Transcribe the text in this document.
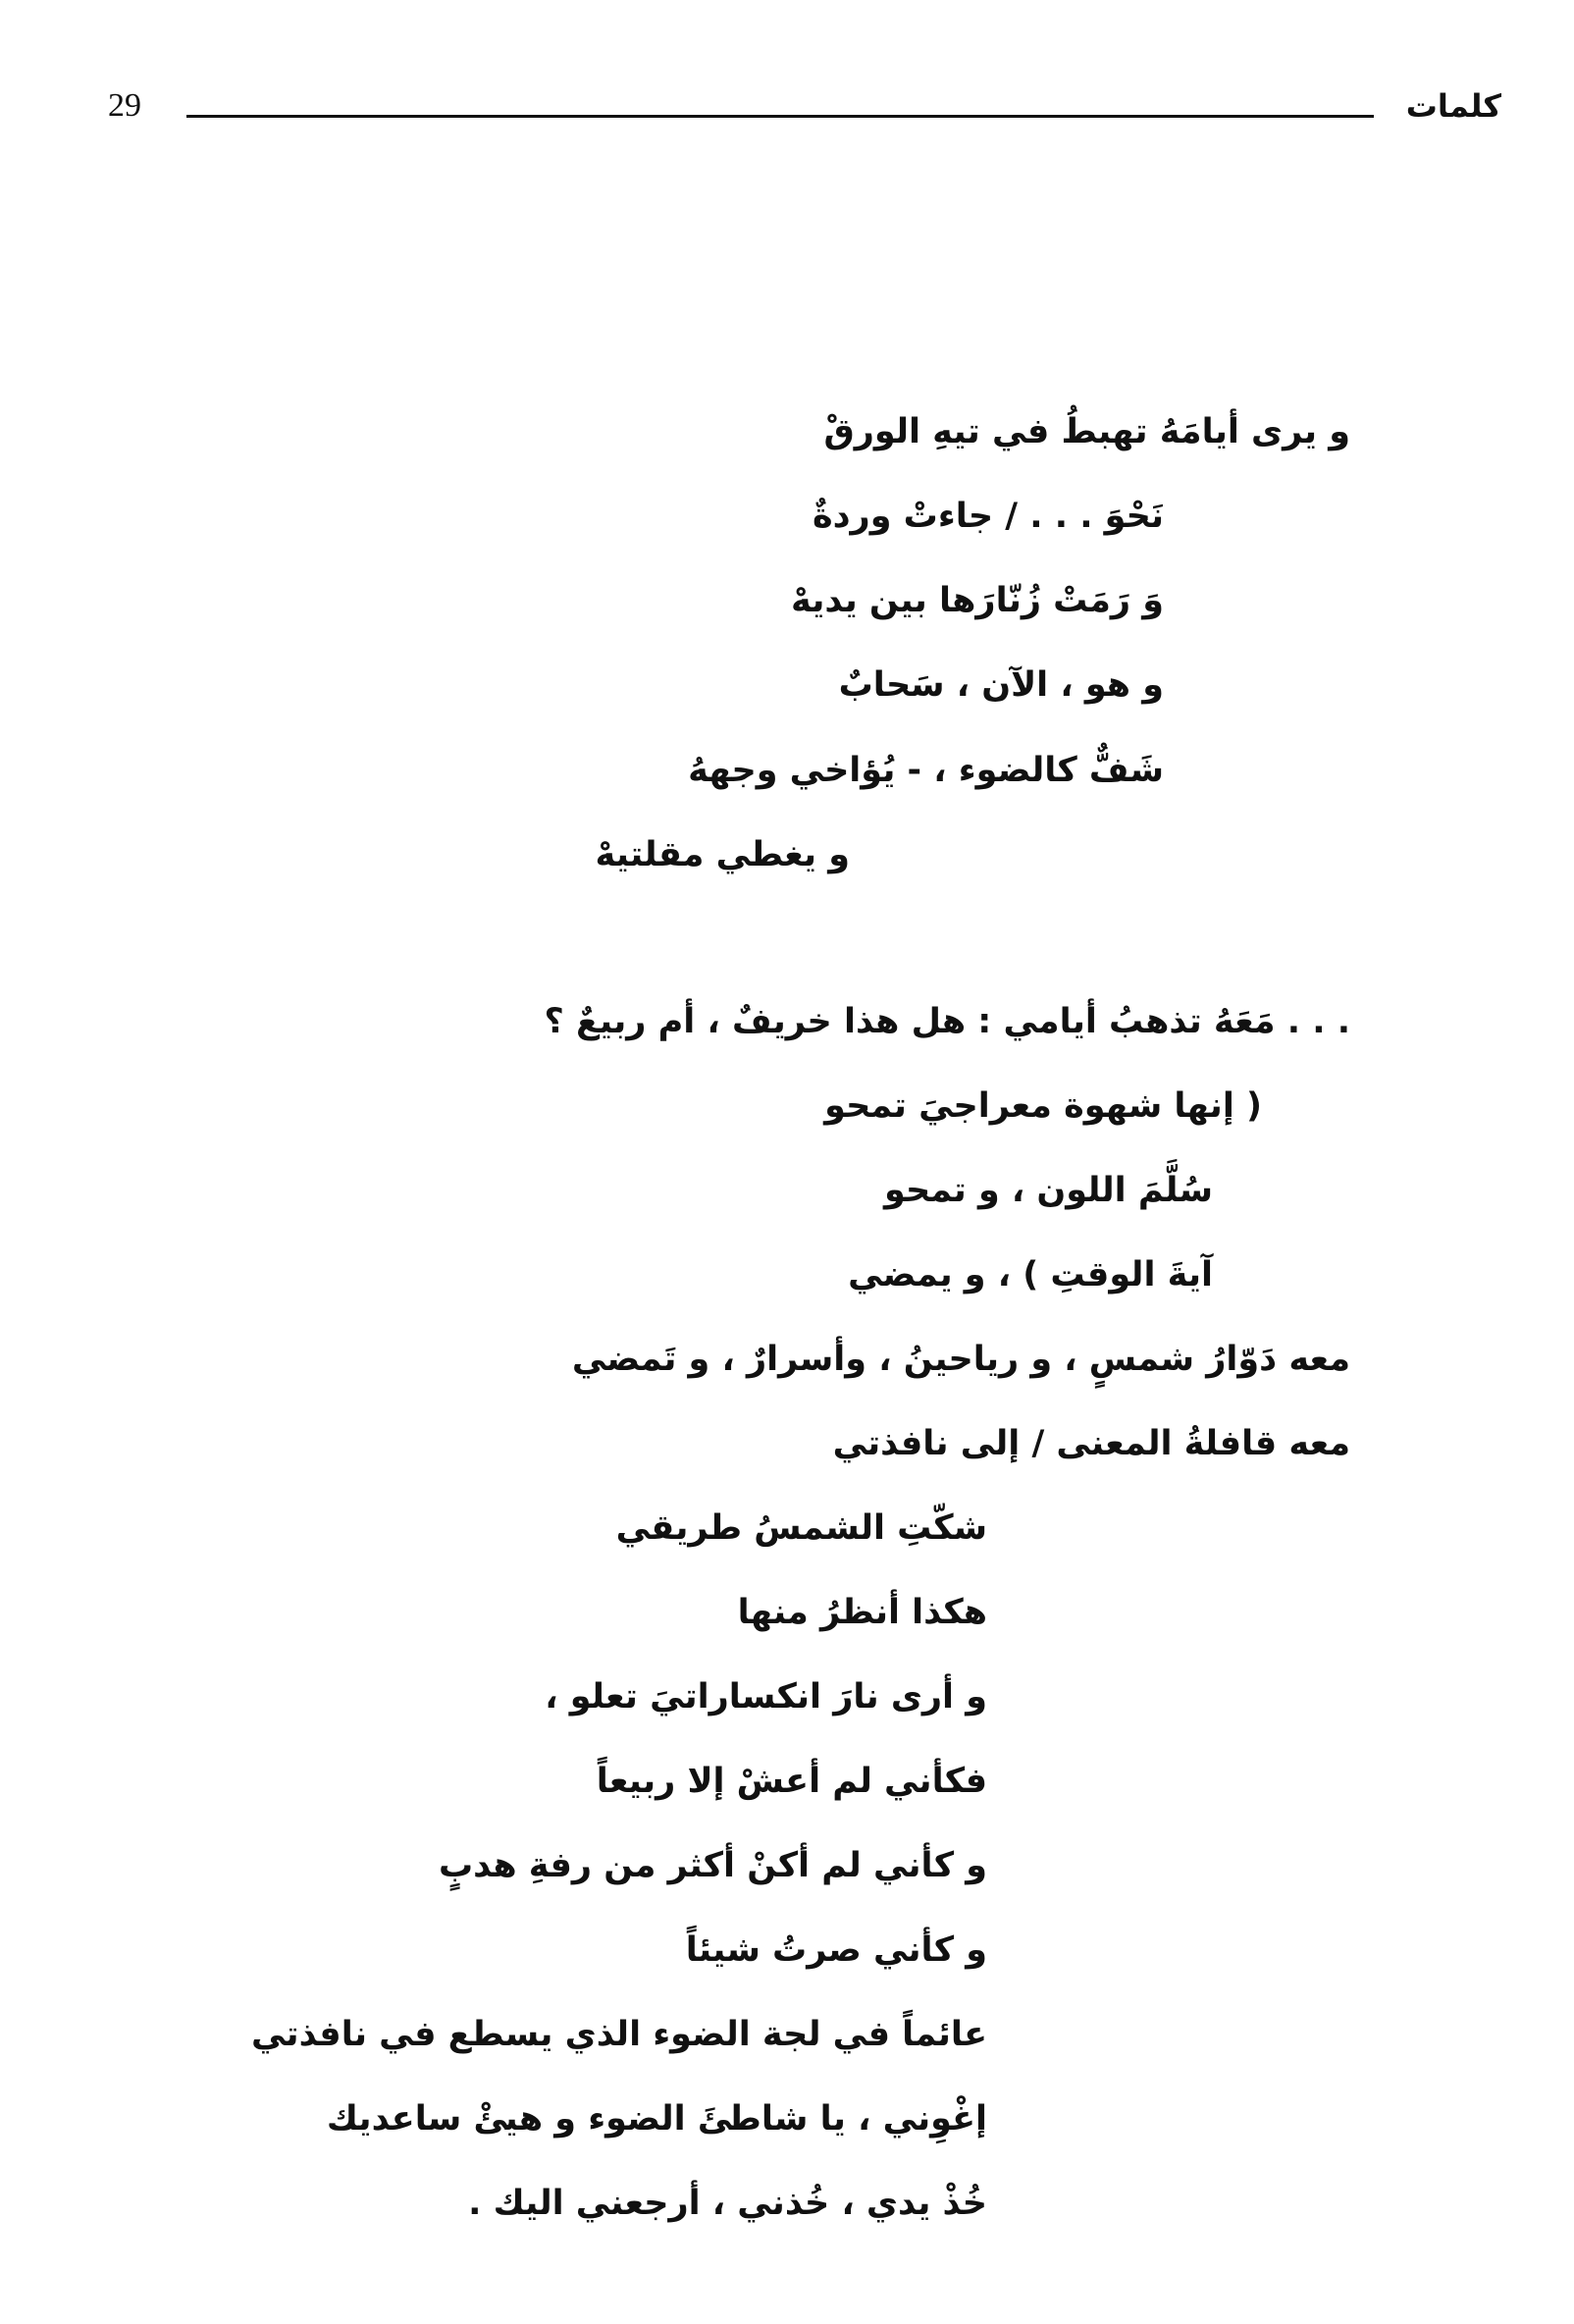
29	كلمات

و يرى أيامَهُ تهبطُ في تيهِ الورقْ

نَحْوَ . . . / جاءتْ وردةٌ

وَ رَمَتْ زُنّارَها بين يديهْ

و هو ، الآن ، سَحابٌ

شَفٌّ كالضوء ، - يُؤاخي وجههُ

و يغطي مقلتيهْ

. . . مَعَهُ تذهبُ أيامي : هل هذا خريفٌ ، أم ربيعٌ ؟

( إنها شهوة معراجيَ تمحو

سُلَّمَ اللون ، و تمحو

آيةَ الوقتِ ) ، و يمضي

معه دَوّارُ شمسٍ ، و رياحينُ ، وأسرارٌ ، و تَمضي

معه قافلةُ المعنى / إلى نافذتي

شكّتِ الشمسُ طريقي

هكذا أنظرُ منها

و أرى نارَ انكساراتيَ تعلو ،

فكأني لم أعشْ إلا ربيعاً

و كأني لم أكنْ أكثر من رفةِ هدبٍ

و كأني صرتُ شيئاً

عائماً في لجة الضوء الذي يسطع في نافذتي

إغْوِني ، يا شاطئَ الضوء و هيئْ ساعديك

خُذْ يدي ، خُذني ، أرجعني اليك .
